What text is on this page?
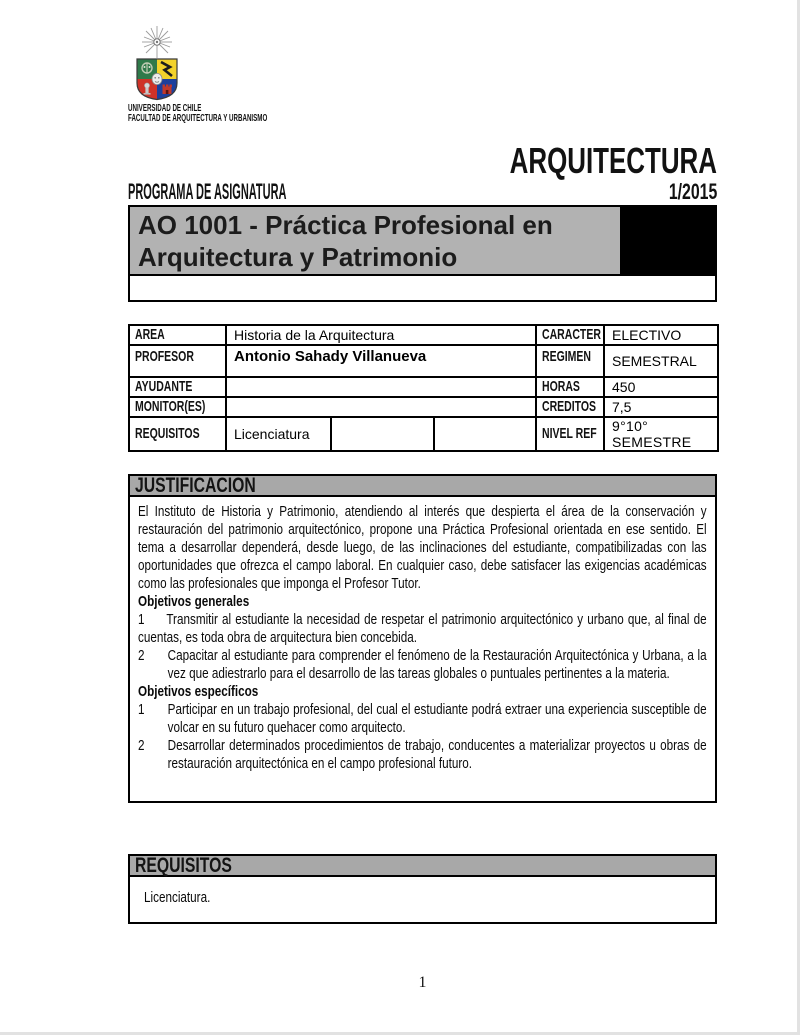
UNIVERSIDAD DE CHILE
FACULTAD DE ARQUITECTURA Y URBANISMO
ARQUITECTURA
PROGRAMA DE ASIGNATURA	1/2015
AO 1001 - Práctica Profesional en
Arquitectura y Patrimonio
AREA	Historia de la Arquitectura			CARACTER	ELECTIVO
PROFESOR	Antonio Sahady Villanueva			REGIMEN	SEMESTRAL
AYUDANTE				HORAS	450
MONITOR(ES)				CREDITOS	7,5
REQUISITOS	Licenciatura			NIVEL REF	9°10° SEMESTRE
JUSTIFICACION
El Instituto de Historia y Patrimonio, atendiendo al interés que despierta el área de la conservación y restauración del patrimonio arquitectónico, propone una Práctica Profesional orientada en ese sentido. El tema a desarrollar dependerá, desde luego, de las inclinaciones del estudiante, compatibilizadas con las oportunidades que ofrezca el campo laboral. En cualquier caso, debe satisfacer las exigencias académicas como las profesionales que imponga el Profesor Tutor.
Objetivos generales
1 Transmitir al estudiante la necesidad de respetar el patrimonio arquitectónico y urbano que, al final de cuentas, es toda obra de arquitectura bien concebida.
2	Capacitar al estudiante para comprender el fenómeno de la Restauración Arquitectónica y Urbana, a la vez que adiestrarlo para el desarrollo de las tareas globales o puntuales pertinentes a la materia.
Objetivos específicos
1	Participar en un trabajo profesional, del cual el estudiante podrá extraer una experiencia susceptible de volcar en su futuro quehacer como arquitecto.
2	Desarrollar determinados procedimientos de trabajo, conducentes a materializar proyectos u obras de restauración arquitectónica en el campo profesional futuro.
REQUISITOS
Licenciatura.
1
